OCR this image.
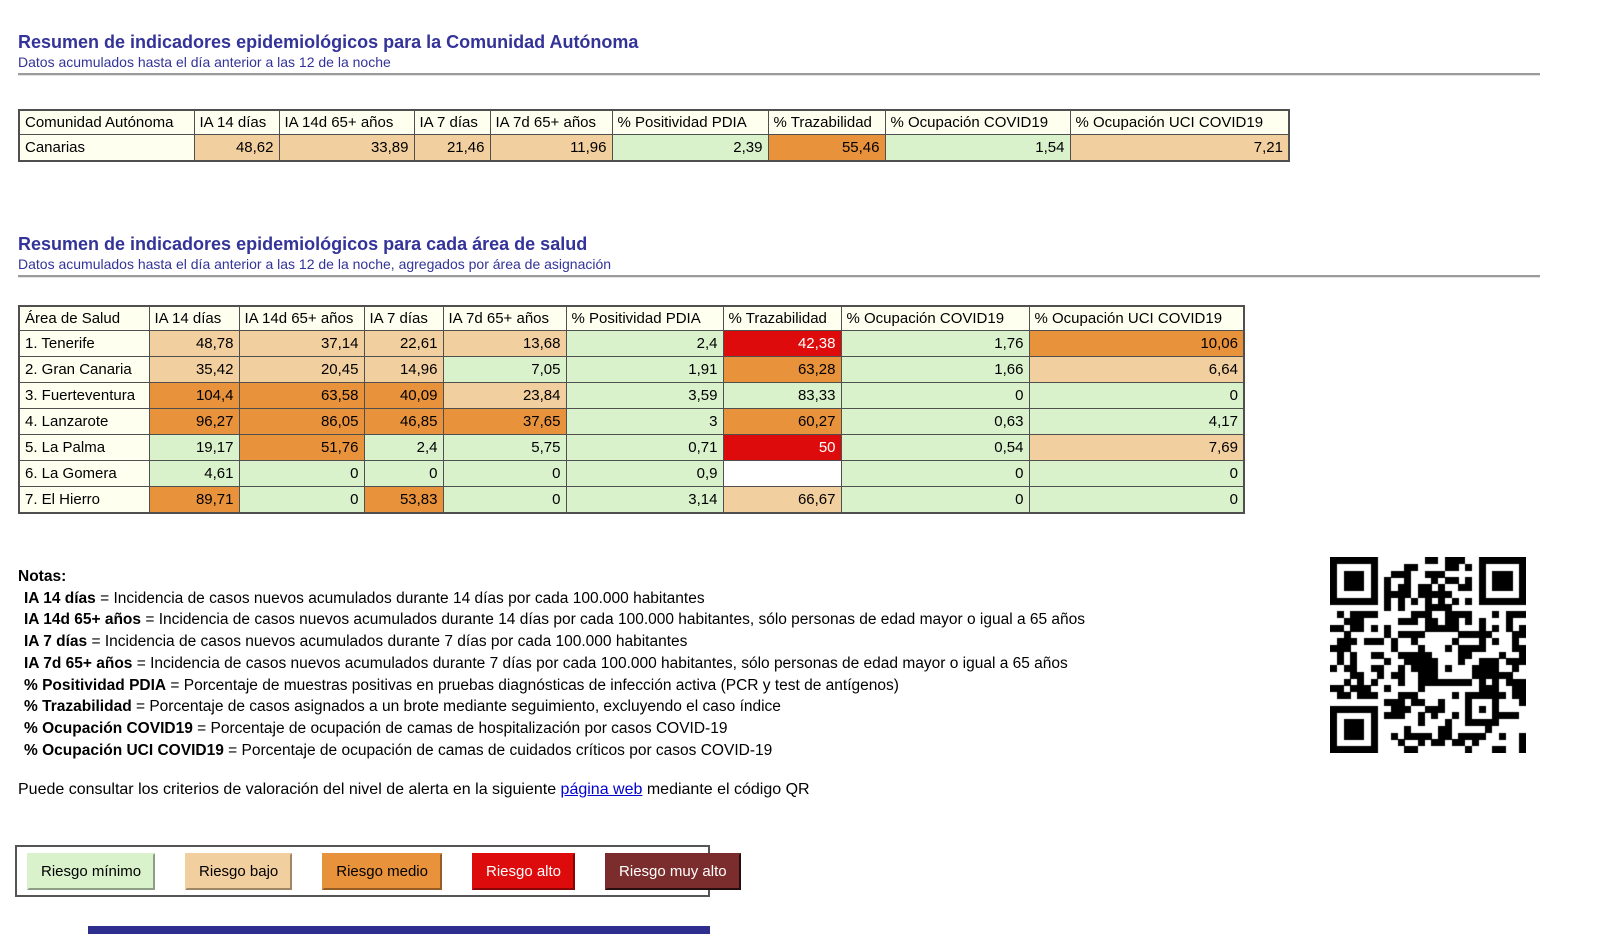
Resumen de indicadores epidemiológicos para la Comunidad Autónoma
Datos acumulados hasta el día anterior a las 12 de la noche
Comunidad Autónoma	IA 14 días	IA 14d 65+ años	IA 7 días	IA 7d 65+ años	% Positividad PDIA	% Trazabilidad	% Ocupación COVID19	% Ocupación UCI COVID19
Canarias	48,62	33,89	21,46	11,96	2,39	55,46	1,54	7,21
Resumen de indicadores epidemiológicos para cada área de salud
Datos acumulados hasta el día anterior a las 12 de la noche, agregados por área de asignación
Área de Salud	IA 14 días	IA 14d 65+ años	IA 7 días	IA 7d 65+ años	% Positividad PDIA	% Trazabilidad	% Ocupación COVID19	% Ocupación UCI COVID19
1. Tenerife	48,78	37,14	22,61	13,68	2,4	42,38	1,76	10,06
2. Gran Canaria	35,42	20,45	14,96	7,05	1,91	63,28	1,66	6,64
3. Fuerteventura	104,4	63,58	40,09	23,84	3,59	83,33	0	0
4. Lanzarote	96,27	86,05	46,85	37,65	3	60,27	0,63	4,17
5. La Palma	19,17	51,76	2,4	5,75	0,71	50	0,54	7,69
6. La Gomera	4,61	0	0	0	0,9		0	0
7. El Hierro	89,71	0	53,83	0	3,14	66,67	0	0
Notas:
IA 14 días = Incidencia de casos nuevos acumulados durante 14 días por cada 100.000 habitantes
IA 14d 65+ años = Incidencia de casos nuevos acumulados durante 14 días por cada 100.000 habitantes, sólo personas de edad mayor o igual a 65 años
IA 7 días = Incidencia de casos nuevos acumulados durante 7 días por cada 100.000 habitantes
IA 7d 65+ años = Incidencia de casos nuevos acumulados durante 7 días por cada 100.000 habitantes, sólo personas de edad mayor o igual a 65 años
% Positividad PDIA = Porcentaje de muestras positivas en pruebas diagnósticas de infección activa (PCR y test de antígenos)
% Trazabilidad = Porcentaje de casos asignados a un brote mediante seguimiento, excluyendo el caso índice
% Ocupación COVID19 = Porcentaje de ocupación de camas de hospitalización por casos COVID-19
% Ocupación UCI COVID19 = Porcentaje de ocupación de camas de cuidados críticos por casos COVID-19

Puede consultar los criterios de valoración del nivel de alerta en la siguiente página web mediante el código QR

Riesgo mínimo	Riesgo bajo	Riesgo medio	Riesgo alto	Riesgo muy alto
